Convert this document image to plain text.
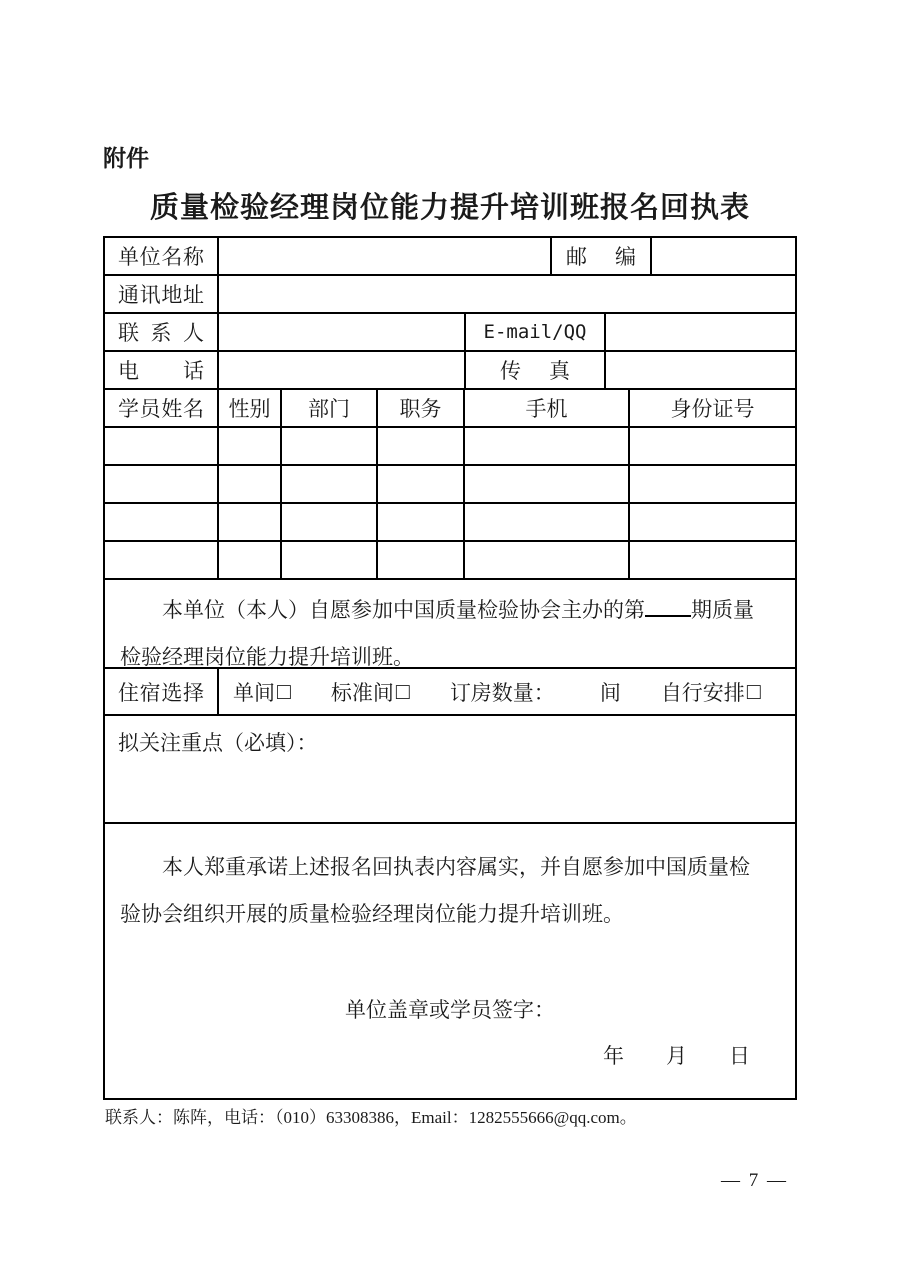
附件
质量检验经理岗位能力提升培训班报名回执表
单位名称	邮编
通讯地址
联系人	E-mail/QQ
电话	传真
学员姓名 性别 部门 职务	手机	身份证号
本单位（本人）自愿参加中国质量检验协会主办的第 期质量
检验经理岗位能力提升培训班。
住宿选择 单间 □ 标准间 □ 订房数量： 间 自行安排 □
拟关注重点（必填）：
本人郑重承诺上述报名回执表内容属实，并自愿参加中国质量检
验协会组织开展的质量检验经理岗位能力提升培训班。
单位盖章或学员签字：
年 月 日
联系人：陈阵，电话：（010）63308386，Email：1282555666@qq.com。
— 7 —
